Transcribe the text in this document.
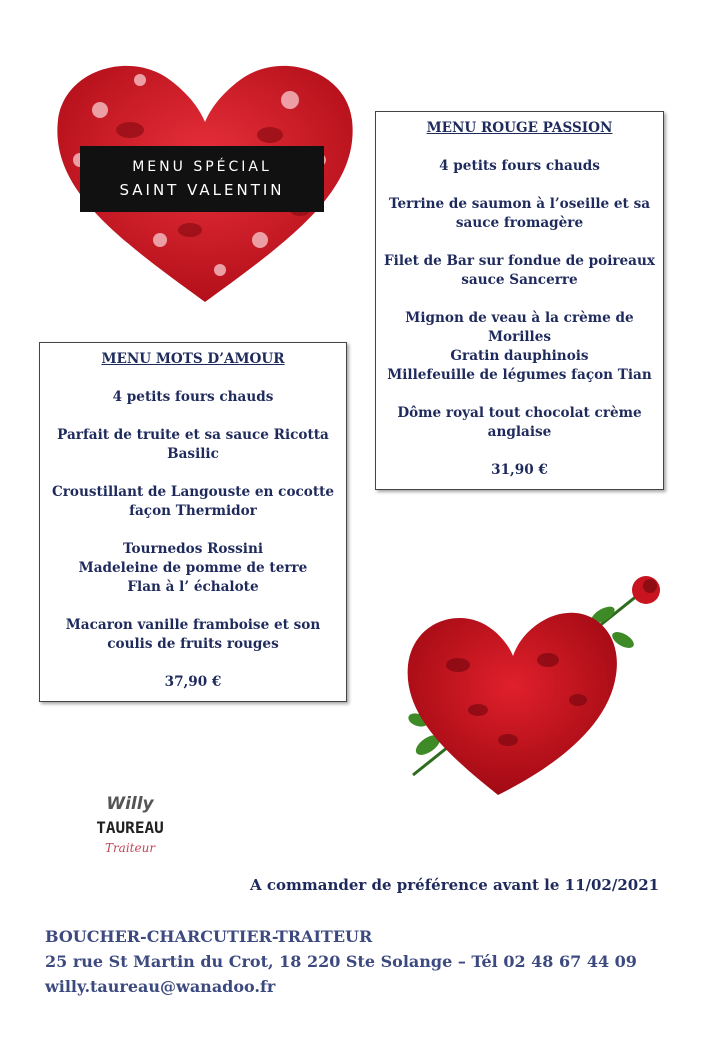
MENU SPÉCIAL
SAINT VALENTIN
MENU ROUGE PASSION
4 petits fours chauds
Terrine de saumon à l’oseille et sa
sauce fromagère
Filet de Bar sur fondue de poireaux
sauce Sancerre
Mignon de veau à la crème de
Morilles
Gratin dauphinois
Millefeuille de légumes façon Tian
Dôme royal tout chocolat crème
anglaise
31,90 €
MENU MOTS D’AMOUR
4 petits fours chauds
Parfait de truite et sa sauce Ricotta
Basilic
Croustillant de Langouste en cocotte
façon Thermidor
Tournedos Rossini
Madeleine de pomme de terre
Flan à l’ échalote
Macaron vanille framboise et son
coulis de fruits rouges
37,90 €
Willy
TAUREAU
Traiteur
A commander de préférence avant le 11/02/2021
BOUCHER-CHARCUTIER-TRAITEUR
25 rue St Martin du Crot, 18 220 Ste Solange – Tél 02 48 67 44 09
willy.taureau@wanadoo.fr
